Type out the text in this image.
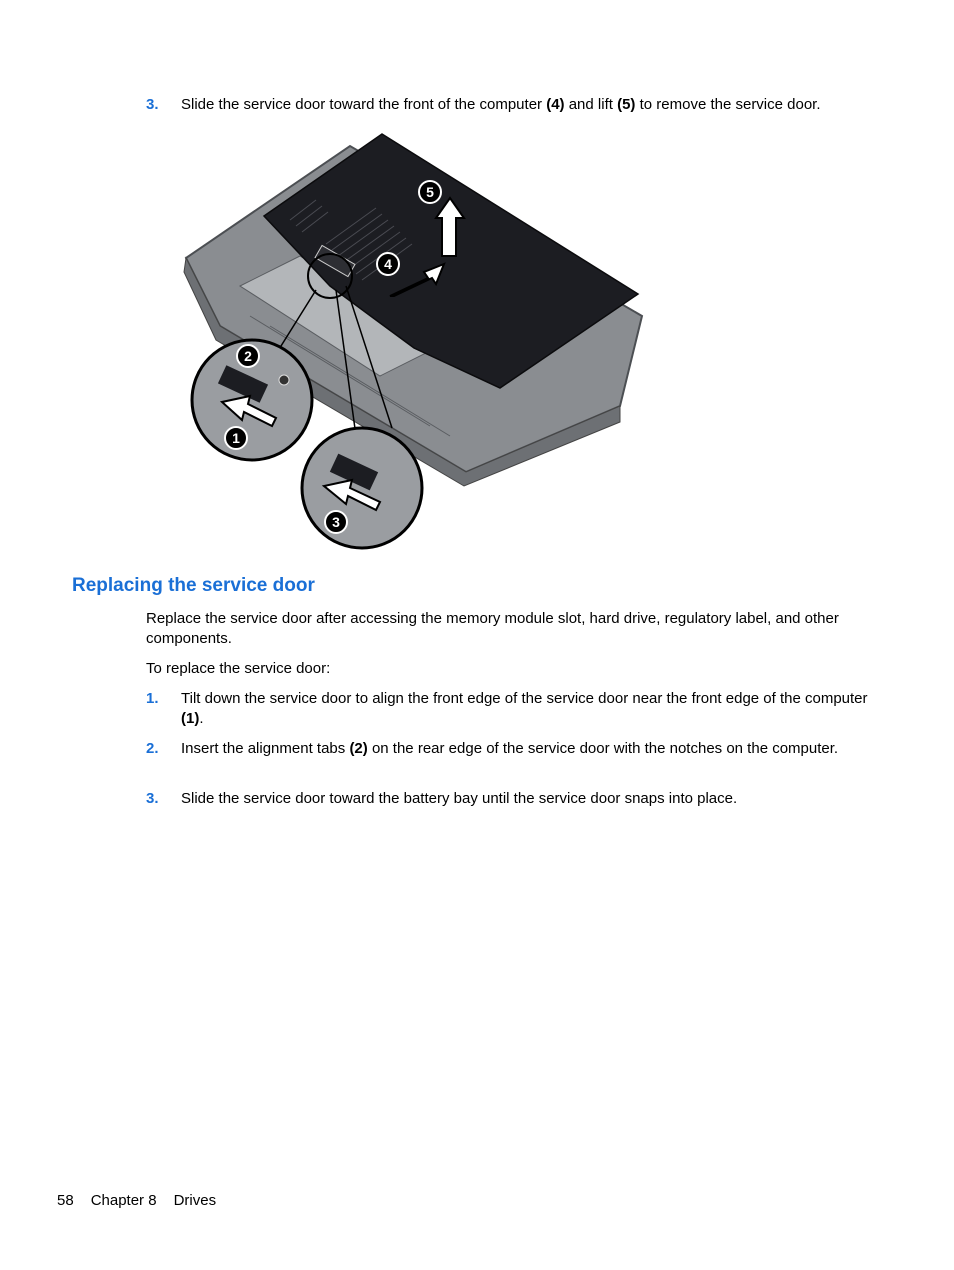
3. Slide the service door toward the front of the computer (4) and lift (5) to remove the service door.
4
5
1
2
3
Replacing the service door
Replace the service door after accessing the memory module slot, hard drive, regulatory label, and other components.
To replace the service door:
1. Tilt down the service door to align the front edge of the service door near the front edge of the computer (1).
2. Insert the alignment tabs (2) on the rear edge of the service door with the notches on the computer.
3. Slide the service door toward the battery bay until the service door snaps into place.
58 Chapter 8 Drives
